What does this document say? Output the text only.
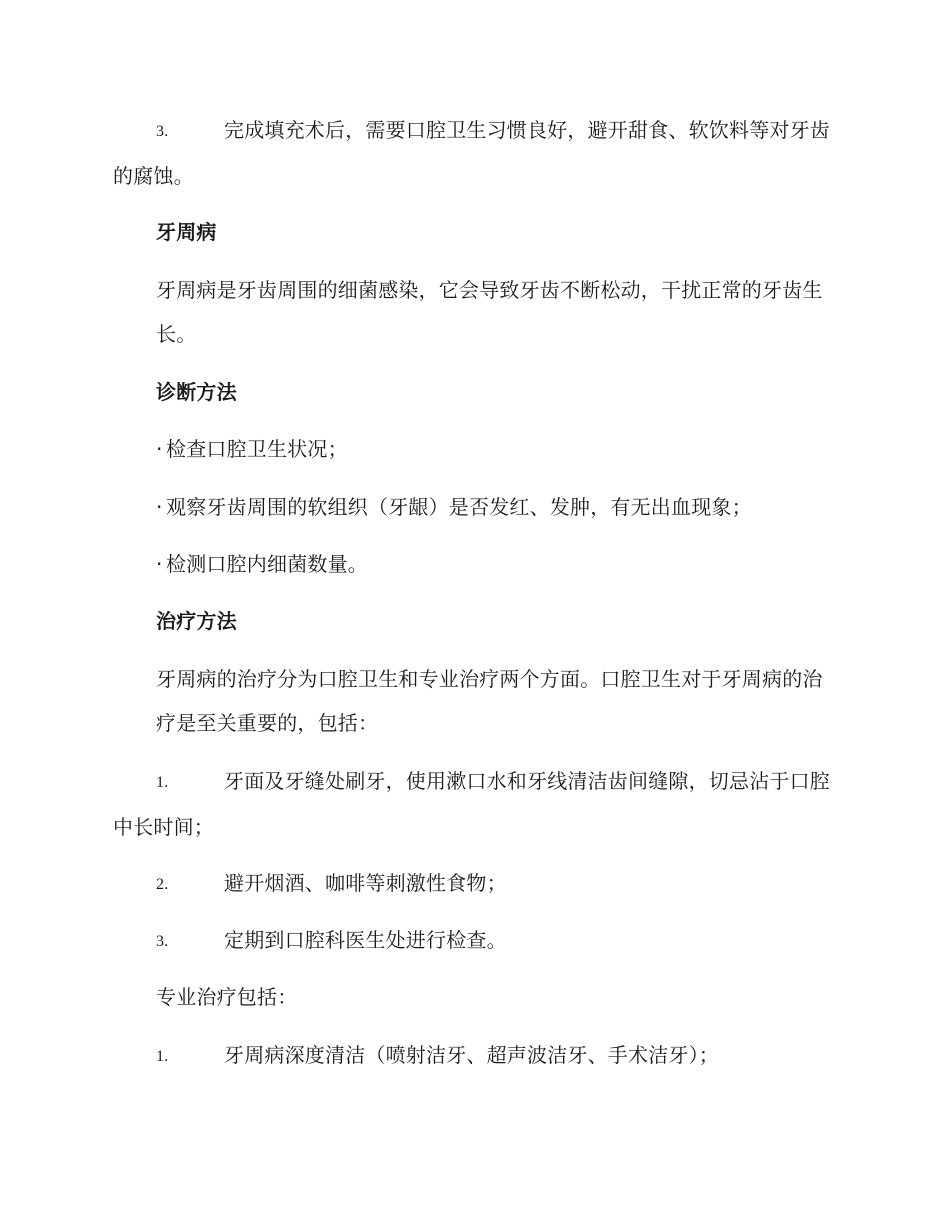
3.	完成填充术后，需要口腔卫生习惯良好，避开甜食、软饮料等对牙齿的腐蚀。
牙周病
牙周病是牙齿周围的细菌感染，它会导致牙齿不断松动，干扰正常的牙齿生长。
诊断方法
· 检查口腔卫生状况；
· 观察牙齿周围的软组织（牙龈）是否发红、发肿，有无出血现象；
· 检测口腔内细菌数量。
治疗方法
牙周病的治疗分为口腔卫生和专业治疗两个方面。口腔卫生对于牙周病的治疗是至关重要的，包括：
1.	牙面及牙缝处刷牙，使用漱口水和牙线清洁齿间缝隙，切忌沾于口腔中长时间；
2.	避开烟酒、咖啡等刺激性食物；
3.	定期到口腔科医生处进行检查。
专业治疗包括：
1.	牙周病深度清洁（喷射洁牙、超声波洁牙、手术洁牙）；
